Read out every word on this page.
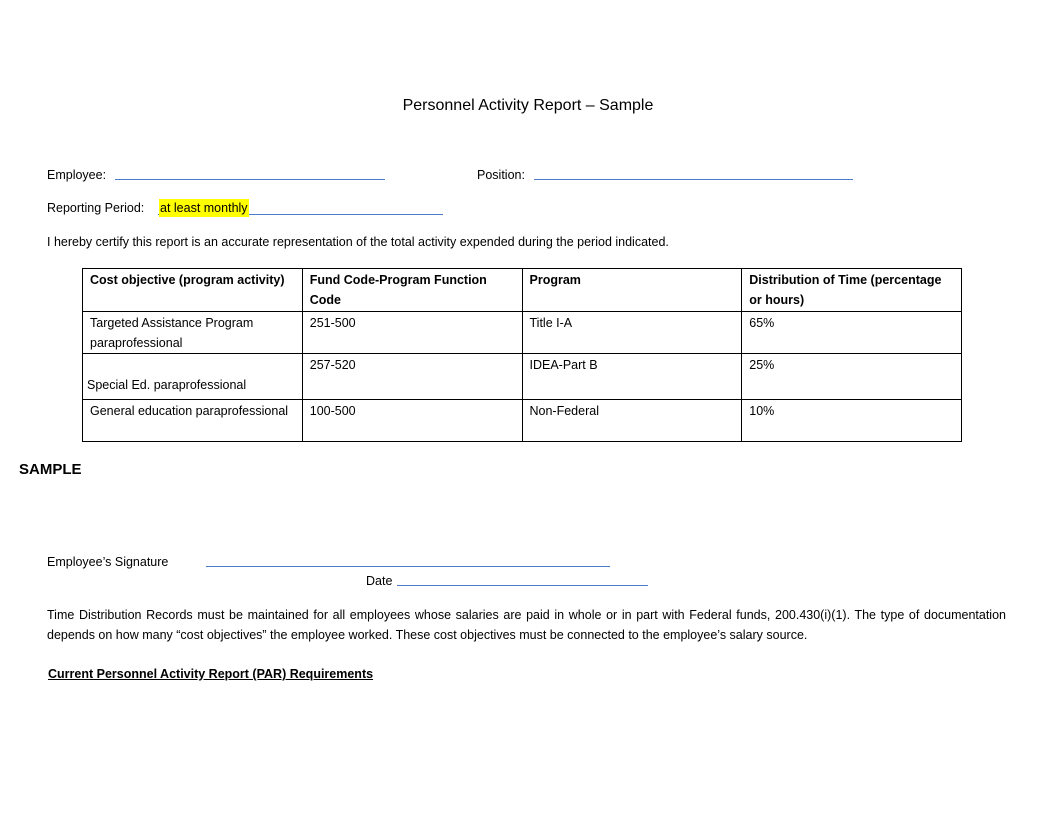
Personnel Activity Report – Sample
Employee:	Position:
Reporting Period: at least monthly
I hereby certify this report is an accurate representation of the total activity expended during the period indicated.
Cost objective (program activity)	Fund Code-Program Function Code	Program	Distribution of Time (percentage or hours)
Targeted Assistance Program paraprofessional	251-500	Title I-A	65%
Special Ed. paraprofessional	257-520	IDEA-Part B	25%
General education paraprofessional	100-500	Non-Federal	10%
SAMPLE
Employee’s Signature
Date
Time Distribution Records must be maintained for all employees whose salaries are paid in whole or in part with Federal funds, 200.430(i)(1). The type of documentation depends on how many “cost objectives” the employee worked. These cost objectives must be connected to the employee’s salary source.
Current Personnel Activity Report (PAR) Requirements
